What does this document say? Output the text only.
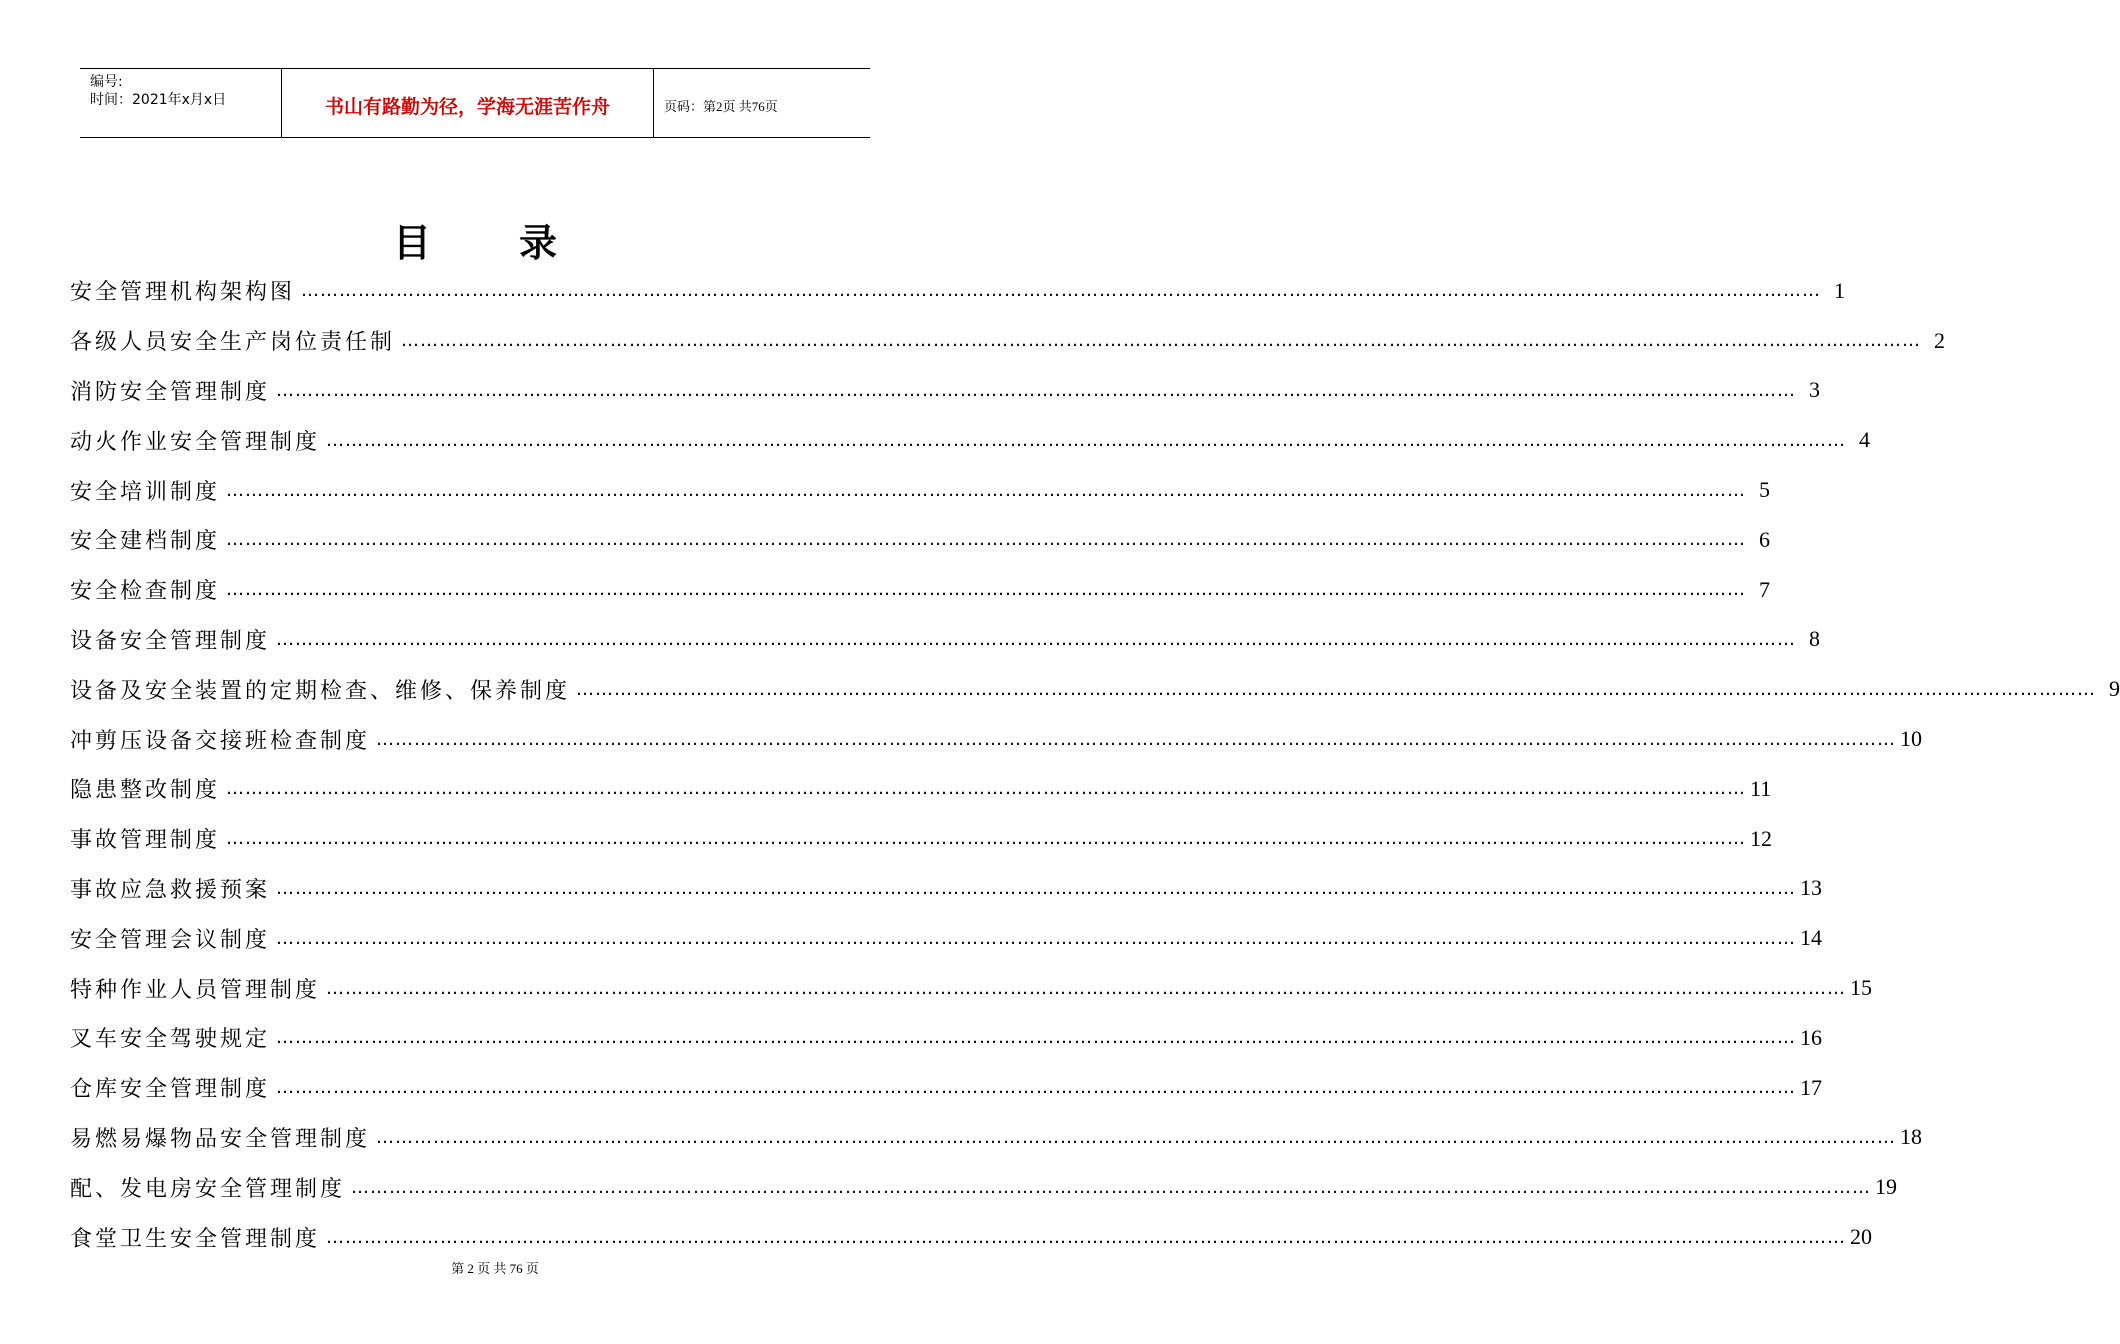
编号:
时间：2021年x月x日	书山有路勤为径，学海无涯苦作舟	页码：第2页 共76页
目 录
安全管理机构架构图 …………………………………………………………………………………………………………………………………………………………………………………………………………………… 1
各级人员安全生产岗位责任制 …………………………………………………………………………………………………………………………………………………………………………………………………………………… 2
消防安全管理制度 …………………………………………………………………………………………………………………………………………………………………………………………………………………… 3
动火作业安全管理制度 …………………………………………………………………………………………………………………………………………………………………………………………………………………… 4
安全培训制度 …………………………………………………………………………………………………………………………………………………………………………………………………………………… 5
安全建档制度 …………………………………………………………………………………………………………………………………………………………………………………………………………………… 6
安全检查制度 …………………………………………………………………………………………………………………………………………………………………………………………………………………… 7
设备安全管理制度 …………………………………………………………………………………………………………………………………………………………………………………………………………………… 8
设备及安全装置的定期检查、维修、保养制度 …………………………………………………………………………………………………………………………………………………………………………………………………………………… 9
冲剪压设备交接班检查制度 …………………………………………………………………………………………………………………………………………………………………………………………………………………… 10
隐患整改制度 …………………………………………………………………………………………………………………………………………………………………………………………………………………… 11
事故管理制度 …………………………………………………………………………………………………………………………………………………………………………………………………………………… 12
事故应急救援预案 …………………………………………………………………………………………………………………………………………………………………………………………………………………… 13
安全管理会议制度 …………………………………………………………………………………………………………………………………………………………………………………………………………………… 14
特种作业人员管理制度 …………………………………………………………………………………………………………………………………………………………………………………………………………………… 15
叉车安全驾驶规定 …………………………………………………………………………………………………………………………………………………………………………………………………………………… 16
仓库安全管理制度 …………………………………………………………………………………………………………………………………………………………………………………………………………………… 17
易燃易爆物品安全管理制度 …………………………………………………………………………………………………………………………………………………………………………………………………………………… 18
配、发电房安全管理制度 …………………………………………………………………………………………………………………………………………………………………………………………………………………… 19
食堂卫生安全管理制度 …………………………………………………………………………………………………………………………………………………………………………………………………………………… 20
第 2 页 共 76 页
